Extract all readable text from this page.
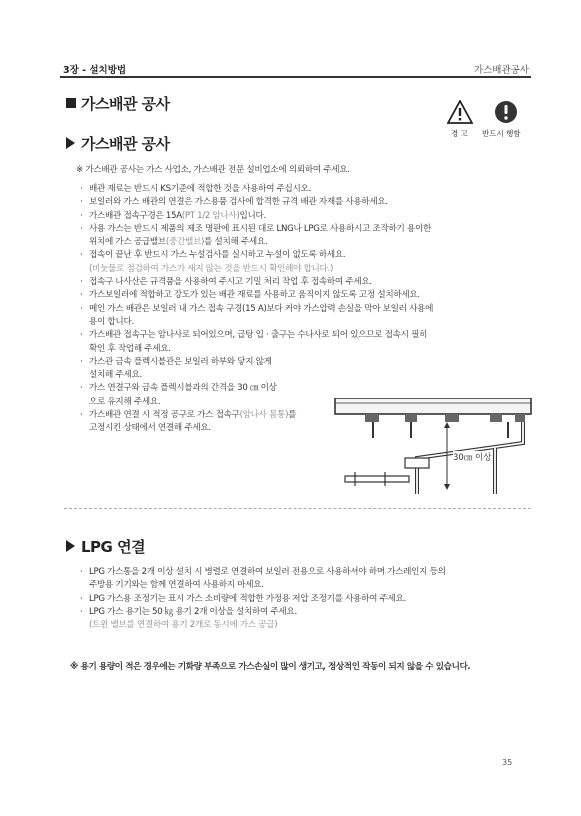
3장 - 설치방법	가스배관공사
가스배관 공사
가스배관 공사
경 고 반드시 행함
※ 가스배관 공사는 가스 사업소, 가스배관 전문 설비업소에 의뢰하여 주세요.
· 배관 재료는 반드시 KS기준에 적합한 것을 사용하여 주십시오.
· 보일러와 가스 배관의 연결은 가스용품 검사에 합격한 규격 배관 자재를 사용하세요.
· 가스배관 접속구경은 15A(PT 1/2 암나사)입니다.
· 사용 가스는 반드시 제품의 제조 명판에 표시된 대로 LNG나 LPG로 사용하시고 조작하기 용이한
위치에 가스 공급밸브(중간밸브)를 설치해 주세요.
· 접속이 끝난 후 반드시 가스 누설검사를 실시하고 누설이 없도록 하세요.
(비눗물로 점검하여 가스가 새지 않는 것을 반드시 확인해야 합니다.)
· 접속구 나사산은 규격품을 사용하여 주시고 기밀 처리 작업 후 접속하여 주세요.
· 가스보일러에 적합하고 강도가 있는 배관 재료를 사용하고 움직이지 않도록 고정 설치하세요.
· 메인 가스 배관은 보일러 내 가스 접속 구경(15 A)보다 커야 가스압력 손실을 막아 보일러 사용에
용이 합니다.
· 가스배관 접속구는 암나사로 되어있으며, 급탕 입 · 출구는 수나사로 되어 있으므로 접속시 필히
확인 후 작업해 주세요.
· 가스관 금속 플렉시블관은 보일러 하부와 닿지 않게
설치해 주세요.
· 가스 연결구와 금속 플렉시블과의 간격을 30 ㎝ 이상
으로 유지해 주세요.
· 가스배관 연결 시 적정 공구로 가스 접속구(암나사 몸통)를
고정시킨 상태에서 연결해 주세요.
30㎝ 이상
LPG 연결
· LPG 가스통을 2개 이상 설치 시 병렬로 연결하여 보일러 전용으로 사용하셔야 하며 가스레인지 등의
주방용 기기와는 함께 연결하여 사용하지 마세요.
· LPG 가스용 조정기는 표시 가스 소비량에 적합한 가정용 저압 조정기를 사용하여 주세요.
· LPG 가스 용기는 50 ㎏ 용기 2개 이상을 설치하여 주세요.
(트윈 밸브를 연결하여 용기 2개로 동시에 가스 공급)
※ 용기 용량이 적은 경우에는 기화량 부족으로 가스손실이 많이 생기고, 정상적인 작동이 되지 않을 수 있습니다.
35
